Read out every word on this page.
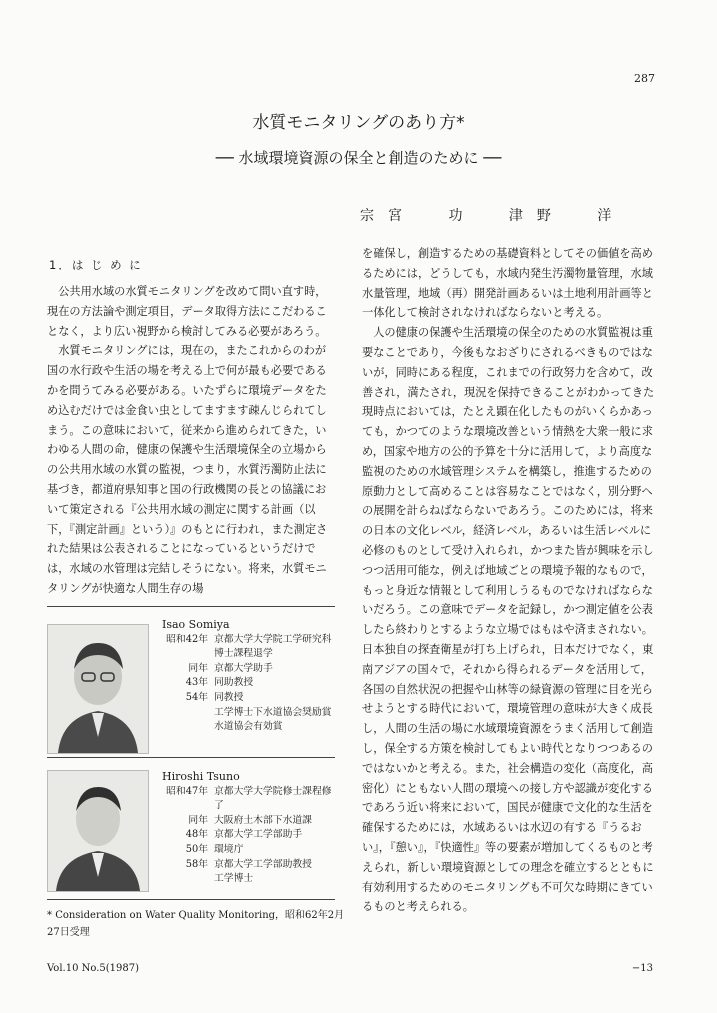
287
水質モニタリングのあり方*
── 水域環境資源の保全と創造のために ──
宗　宮	功	津　野	洋
1．は じ め に

公共用水域の水質モニタリングを改めて問い直す時，現在の方法論や測定項目，データ取得方法にこだわることなく，より広い視野から検討してみる必要があろう。

水質モニタリングには，現在の，またこれからのわが国の水行政や生活の場を考える上で何が最も必要であるかを問うてみる必要がある。いたずらに環境データをため込むだけでは金食い虫としてますます疎んじられてしまう。この意味において，従来から進められてきた，いわゆる人間の命，健康の保護や生活環境保全の立場からの公共用水域の水質の監視，つまり，水質汚濁防止法に基づき，都道府県知事と国の行政機関の長との協議において策定される『公共用水域の測定に関する計画（以下，『測定計画』という）』のもとに行われ，また測定された結果は公表されることになっているというだけでは，水域の水管理は完結しそうにない。将来，水質モニタリングが快適な人間生存の場

を確保し，創造するための基礎資料としてその価値を高めるためには，どうしても，水域内発生汚濁物量管理，水域水量管理，地域（再）開発計画あるいは土地利用計画等と一体化して検討されなければならないと考える。

人の健康の保護や生活環境の保全のための水質監視は重要なことであり，今後もなおざりにされるべきものではないが，同時にある程度，これまでの行政努力を含めて，改善され，満たされ，現況を保持できることがわかってきた現時点においては，たとえ顕在化したものがいくらかあっても，かつてのような環境改善という情熱を大衆一般に求め，国家や地方の公的予算を十分に活用して，より高度な監視のための水域管理システムを構築し，推進するための原動力として高めることは容易なことではなく，別分野への展開を計らねばならないであろう。このためには，将来の日本の文化レベル，経済レベル，あるいは生活レベルに必修のものとして受け入れられ，かつまた皆が興味を示しつつ活用可能な，例えば地域ごとの環境予報的なもので，もっと身近な情報として利用しうるものでなければならないだろう。この意味でデータを記録し，かつ測定値を公表したら終わりとするような立場ではもはや済まされない。日本独自の探査衛星が打ち上げられ，日本だけでなく，東南アジアの国々で，それから得られるデータを活用して，各国の自然状況の把握や山林等の緑資源の管理に目を光らせようとする時代において，環境管理の意味が大きく成長し，人間の生活の場に水域環境資源をうまく活用して創造し，保全する方策を検討してもよい時代となりつつあるのではないかと考える。また，社会構造の変化（高度化，高密化）にともない人間の環境への接し方や認識が変化するであろう近い将来において，国民が健康で文化的な生活を確保するためには，水域あるいは水辺の有する『うるおい』，『憩い』，『快適性』等の要素が増加してくるものと考えられ，新しい環境資源としての理念を確立するとともに有効利用するためのモニタリングも不可欠な時期にきているものと考えられる。

Isao Somiya
昭和42年 京都大学大学院工学研究科博士課程退学
同年 京都大学助手
43年 同助教授
54年 同教授
工学博士下水道協会奨励賞
水道協会有効賞
Hiroshi Tsuno
昭和47年 京都大学大学院修士課程修了
同年 大阪府土木部下水道課
48年 京都大学工学部助手
50年 環境庁
58年 京都大学工学部助教授
工学博士
* Consideration on Water Quality Monitoring，昭和62年2月27日受理
Vol.10 No.5(1987)	−13
